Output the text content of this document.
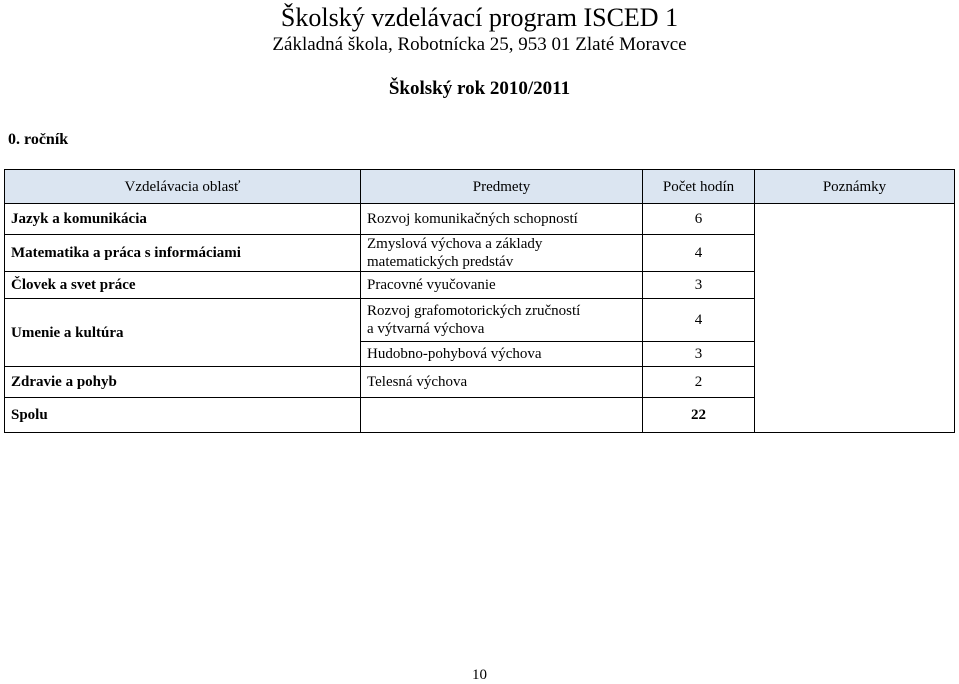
Školský vzdelávací program ISCED 1
Základná škola, Robotnícka 25, 953 01 Zlaté Moravce
Školský rok 2010/2011
0. ročník
Vzdelávacia oblasť	Predmety	Počet hodín	Poznámky
Jazyk a komunikácia	Rozvoj komunikačných schopností	6	
Matematika a práca s informáciami	Zmyslová výchova a základy
matematických predstáv	4	
Človek a svet práce	Pracovné vyučovanie	3	
Umenie a kultúra	Rozvoj grafomotorických zručností
a výtvarná výchova	4	
	Hudobno-pohybová výchova	3	
Zdravie a pohyb	Telesná výchova	2	
Spolu		22	
10
